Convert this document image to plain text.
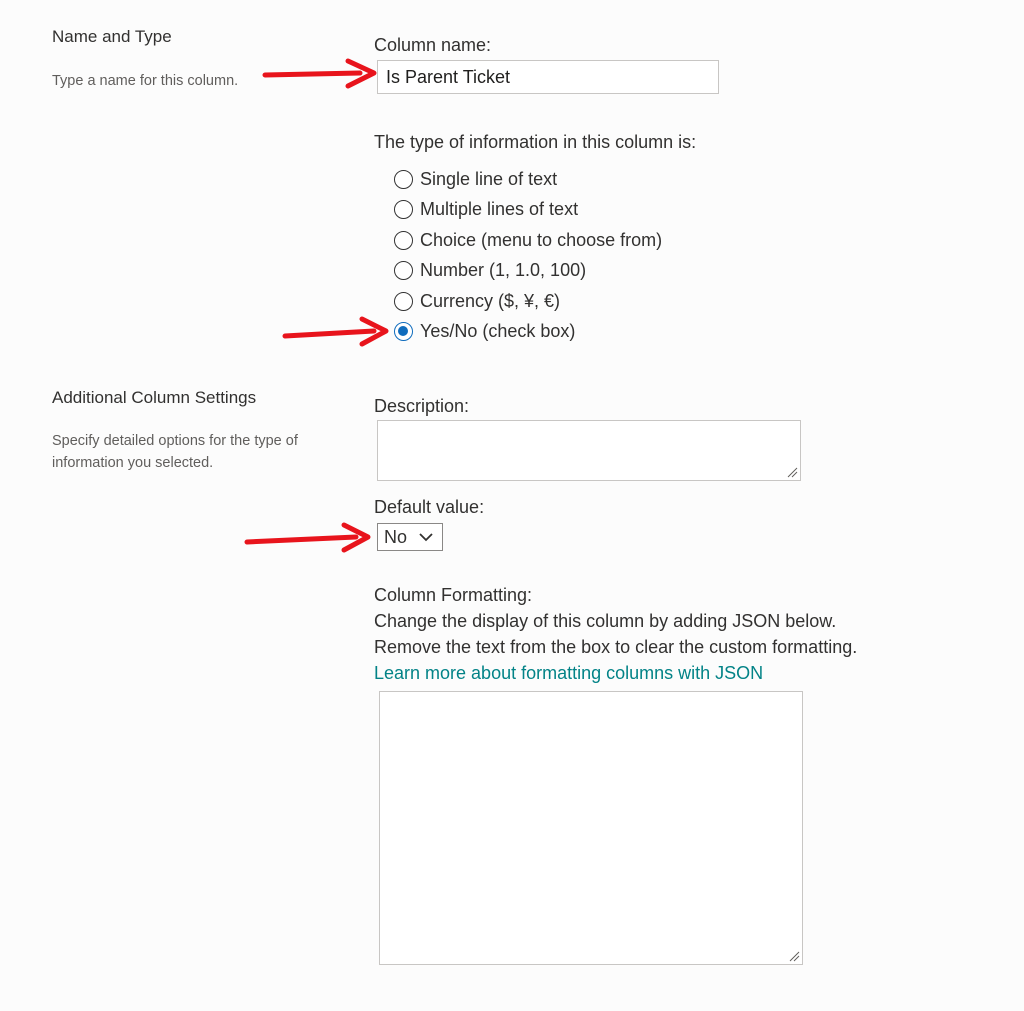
Name and Type
Type a name for this column.
Column name:
Is Parent Ticket
The type of information in this column is:
Single line of text
Multiple lines of text
Choice (menu to choose from)
Number (1, 1.0, 100)
Currency ($, ¥, €)
Yes/No (check box)
Additional Column Settings
Specify detailed options for the type of information you selected.
Description:
Default value:
No
Column Formatting:
Change the display of this column by adding JSON below.
Remove the text from the box to clear the custom formatting.
Learn more about formatting columns with JSON
